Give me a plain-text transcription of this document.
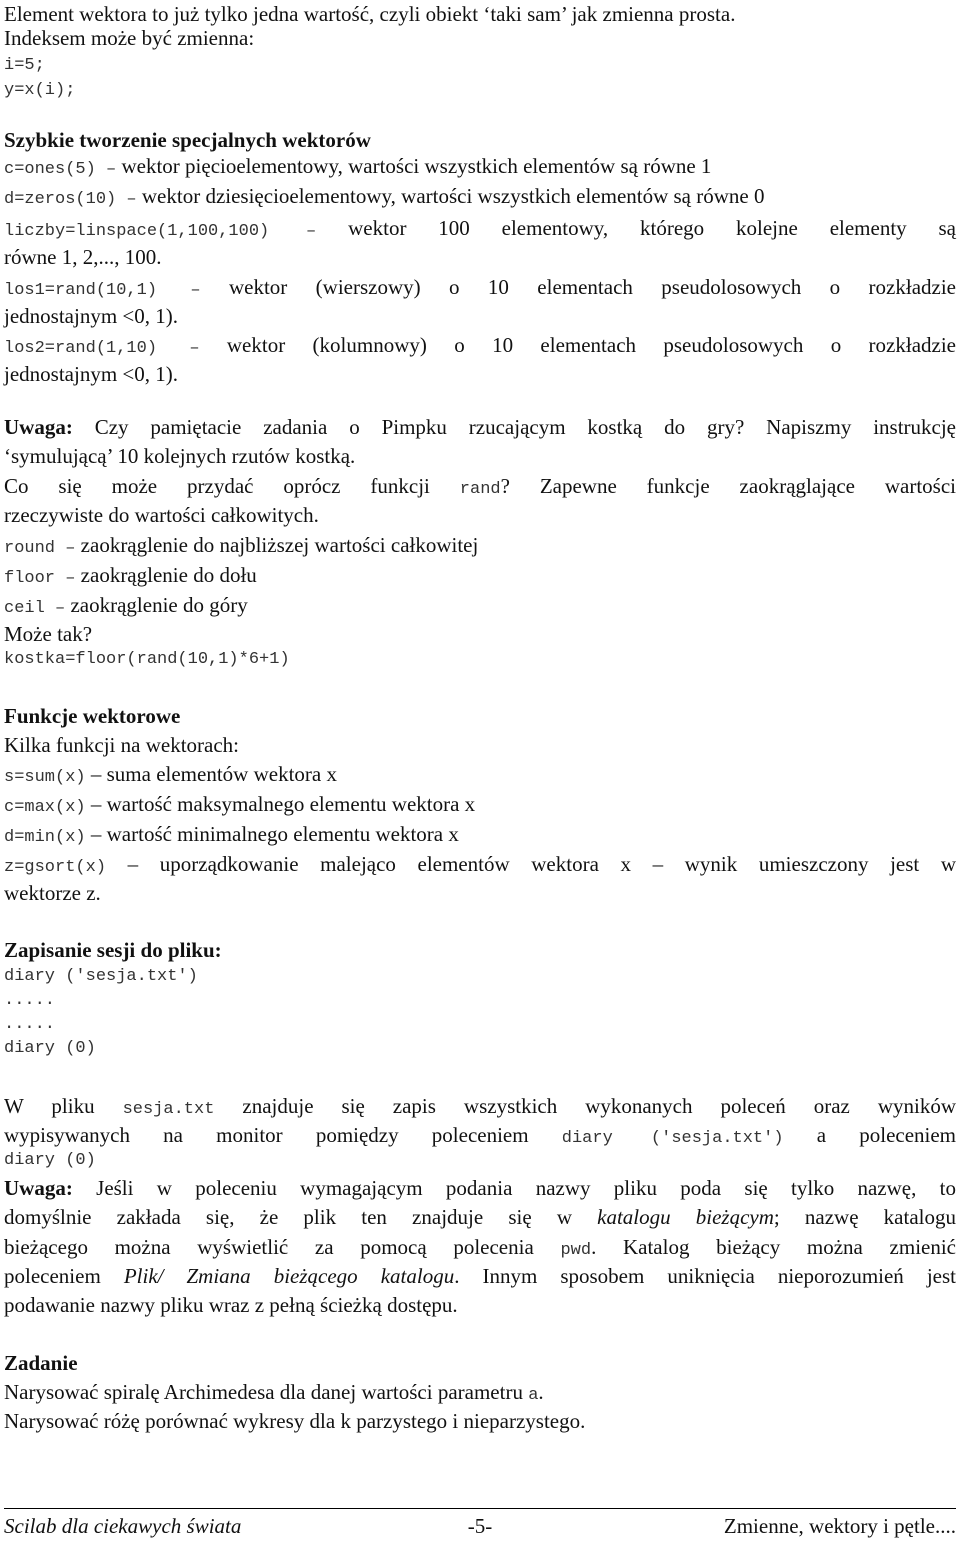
Element wektora to już tylko jedna wartość, czyli obiekt ‘taki sam’ jak zmienna prosta.
Indeksem może być zmienna:
i=5;
y=x(i);
Szybkie tworzenie specjalnych wektorów
c=ones(5) – wektor pięcioelementowy, wartości wszystkich elementów są równe 1
d=zeros(10) – wektor dziesięcioelementowy, wartości wszystkich elementów są równe 0
liczby=linspace(1,100,100) – wektor 100 elementowy, którego kolejne elementy są
równe 1, 2,..., 100.
los1=rand(10,1) – wektor (wierszowy) o 10 elementach pseudolosowych o rozkładzie
jednostajnym <0, 1).
los2=rand(1,10) – wektor (kolumnowy) o 10 elementach pseudolosowych o rozkładzie
jednostajnym <0, 1).
Uwaga: Czy pamiętacie zadania o Pimpku rzucającym kostką do gry? Napiszmy instrukcję
‘symulującą’ 10 kolejnych rzutów kostką.
Co się może przydać oprócz funkcji rand? Zapewne funkcje zaokrąglające wartości
rzeczywiste do wartości całkowitych.
round – zaokrąglenie do najbliższej wartości całkowitej
floor – zaokrąglenie do dołu
ceil – zaokrąglenie do góry
Może tak?
kostka=floor(rand(10,1)*6+1)
Funkcje wektorowe
Kilka funkcji na wektorach:
s=sum(x) – suma elementów wektora x
c=max(x) – wartość maksymalnego elementu wektora x
d=min(x) – wartość minimalnego elementu wektora x
z=gsort(x) – uporządkowanie malejąco elementów wektora x – wynik umieszczony jest w
wektorze z.
Zapisanie sesji do pliku:
diary ('sesja.txt')
.....
.....
diary (0)
W pliku sesja.txt znajduje się zapis wszystkich wykonanych poleceń oraz wyników
wypisywanych na monitor pomiędzy poleceniem diary ('sesja.txt') a poleceniem
diary (0)
Uwaga: Jeśli w poleceniu wymagającym podania nazwy pliku poda się tylko nazwę, to
domyślnie zakłada się, że plik ten znajduje się w katalogu bieżącym; nazwę katalogu
bieżącego można wyświetlić za pomocą polecenia pwd. Katalog bieżący można zmienić
poleceniem Plik/ Zmiana bieżącego katalogu. Innym sposobem uniknięcia nieporozumień jest
podawanie nazwy pliku wraz z pełną ścieżką dostępu.
Zadanie
Narysować spiralę Archimedesa dla danej wartości parametru a.
Narysować różę porównać wykresy dla k parzystego i nieparzystego.
Scilab dla ciekawych świata	-5-	Zmienne, wektory i pętle....
